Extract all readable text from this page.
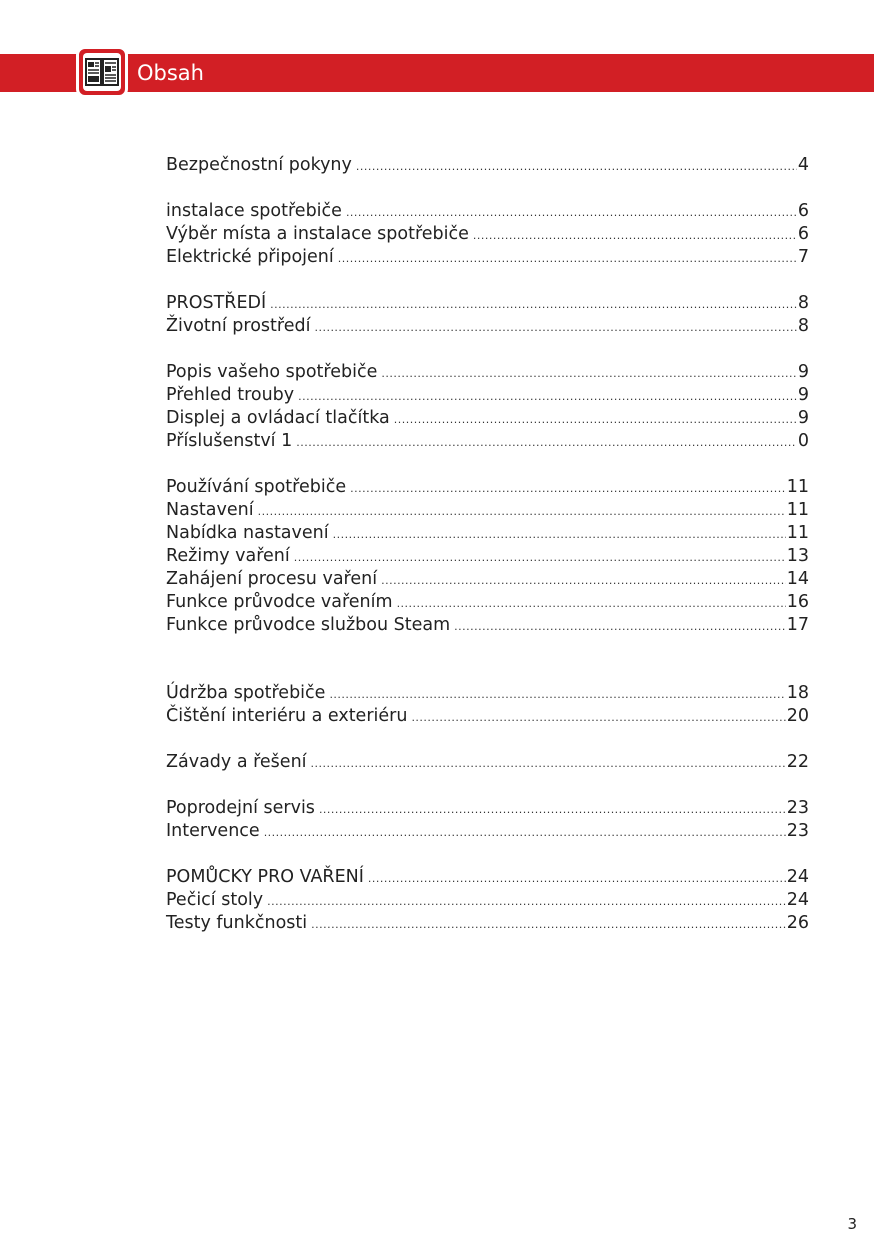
Obsah
Bezpečnostní pokyny .....	4
instalace spotřebiče .....	6
Výběr místa a instalace spotřebiče .....	6
Elektrické připojení .....	7
PROSTŘEDÍ .....	8
Životní prostředí .....	8
Popis vašeho spotřebiče .....	9
Přehled trouby .....	9
Displej a ovládací tlačítka .....	9
Příslušenství 1 .....	0
Používání spotřebiče .....	11
Nastavení .....	11
Nabídka nastavení .....	11
Režimy vaření .....	13
Zahájení procesu vaření .....	14
Funkce průvodce vařením .....	16
Funkce průvodce službou Steam .....	17
Údržba spotřebiče .....	18
Čištění interiéru a exteriéru .....	20
Závady a řešení .....	22
Poprodejní servis .....	23
Intervence .....	23
POMŮCKY PRO VAŘENÍ .....	24
Pečicí stoly .....	24
Testy funkčnosti .....	26
3
